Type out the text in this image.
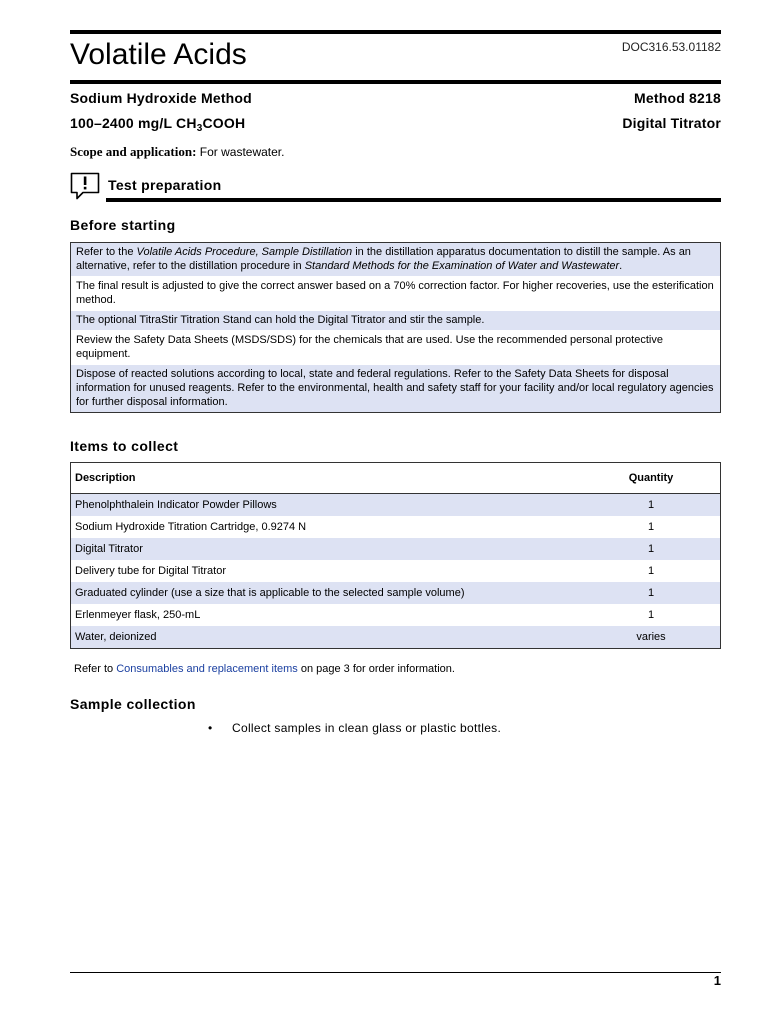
Volatile Acids	DOC316.53.01182
Sodium Hydroxide Method	Method 8218
100–2400 mg/L $CH_3COOH$	Digital Titrator
Scope and application: For wastewater.
Test preparation
Before starting
Refer to the Volatile Acids Procedure, Sample Distillation in the distillation apparatus documentation to distill the sample. As an alternative, refer to the distillation procedure in Standard Methods for the Examination of Water and Wastewater.
The final result is adjusted to give the correct answer based on a 70% correction factor. For higher recoveries, use the esterification method.
The optional TitraStir Titration Stand can hold the Digital Titrator and stir the sample.
Review the Safety Data Sheets (MSDS/SDS) for the chemicals that are used. Use the recommended personal protective equipment.
Dispose of reacted solutions according to local, state and federal regulations. Refer to the Safety Data Sheets for disposal information for unused reagents. Refer to the environmental, health and safety staff for your facility and/or local regulatory agencies for further disposal information.
Items to collect
Description	Quantity
Phenolphthalein Indicator Powder Pillows	1
Sodium Hydroxide Titration Cartridge, 0.9274 N	1
Digital Titrator	1
Delivery tube for Digital Titrator	1
Graduated cylinder (use a size that is applicable to the selected sample volume)	1
Erlenmeyer flask, 250-mL	1
Water, deionized	varies
Refer to Consumables and replacement items on page 3 for order information.
Sample collection
• Collect samples in clean glass or plastic bottles.
1
